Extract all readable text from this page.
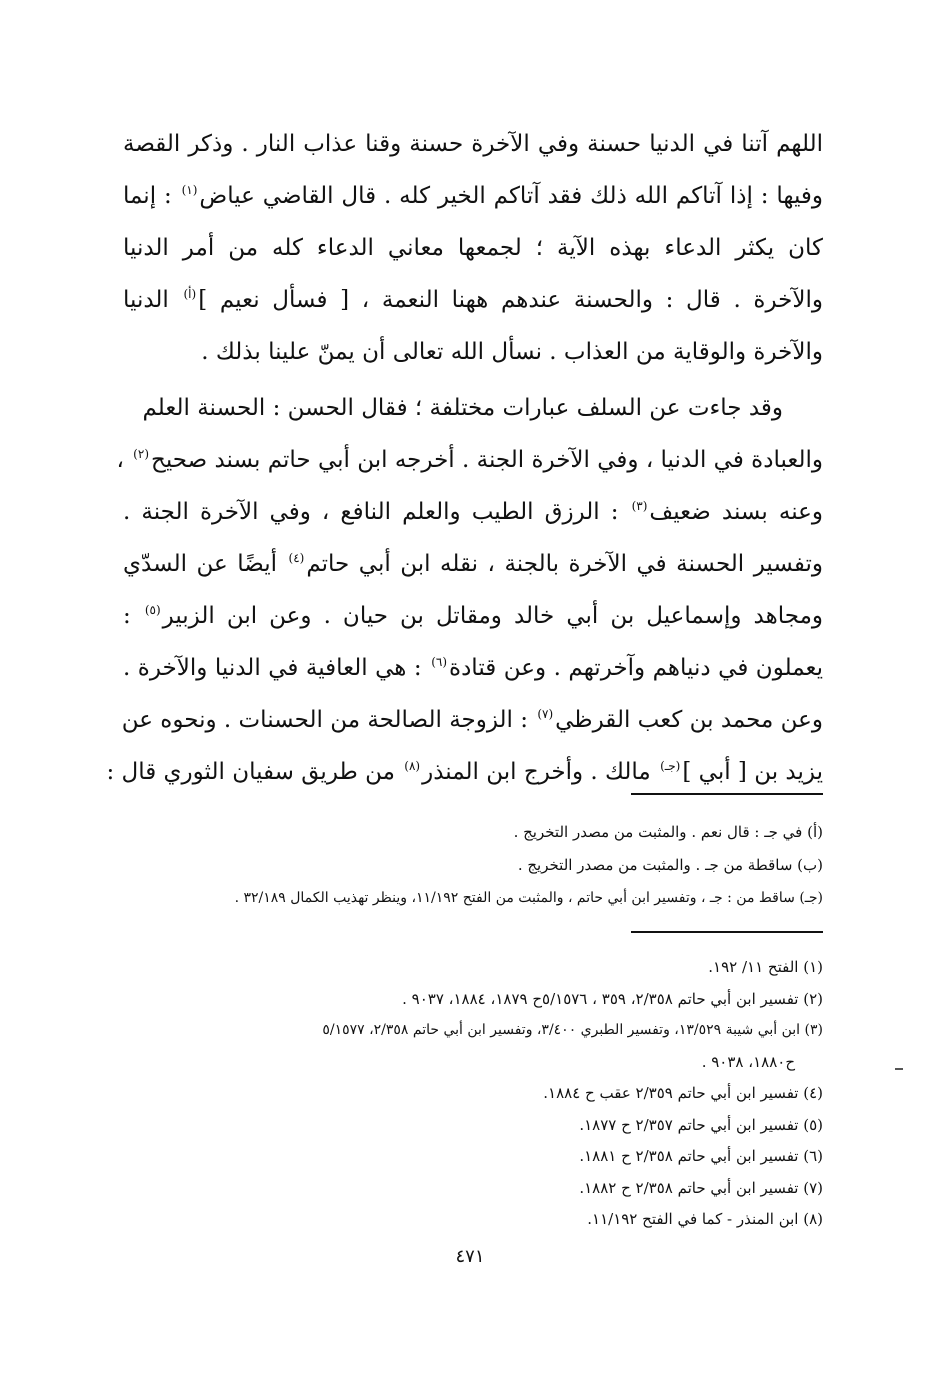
اللهم آتنا في الدنيا حسنة وفي الآخرة حسنة وقنا عذاب النار . وذكر القصة
وفيها : إذا آتاكم الله ذلك فقد آتاكم الخير كله . قال القاضي عياض$^{(١)}$ : إنما
كان يكثر الدعاء بهذه الآية ؛ لجمعها معاني الدعاء كله من أمر الدنيا
والآخرة . قال : والحسنة عندهم ههنا النعمة ، [ فسأل نعيم ]$^{(أ)}$ الدنيا
والآخرة والوقاية من العذاب . نسأل الله تعالى أن يمنّ علينا بذلك .
وقد جاءت عن السلف عبارات مختلفة ؛ فقال الحسن : الحسنة العلم
والعبادة في الدنيا ، وفي الآخرة الجنة . أخرجه ابن أبي حاتم بسند صحيح$^{(٢)}$ ،
وعنه بسند ضعيف$^{(٣)}$ : الرزق الطيب والعلم النافع ، وفي الآخرة الجنة .
وتفسير الحسنة في الآخرة بالجنة ، نقله ابن أبي حاتم$^{(٤)}$ أيضًا عن السدّي
ومجاهد وإسماعيل بن أبي خالد ومقاتل بن حيان . وعن ابن الزبير$^{(٥)}$ :
يعملون في دنياهم وآخرتهم . وعن قتادة$^{(٦)}$ : هي العافية في الدنيا والآخرة .
وعن محمد بن كعب القرظي$^{(٧)}$ : الزوجة الصالحة من الحسنات . ونحوه عن
يزيد بن [ أبي ]$^{(جـ)}$ مالك . وأخرج ابن المنذر$^{(٨)}$ من طريق سفيان الثوري قال :
(أ) في جـ : قال نعم . والمثبت من مصدر التخريج .
(ب) ساقطة من جـ . والمثبت من مصدر التخريج .
(جـ) ساقط من : جـ ، وتفسير ابن أبي حاتم ، والمثبت من الفتح ١١/١٩٢، وينظر تهذيب الكمال ٣٢/١٨٩ .
(١) الفتح ١١/ ١٩٢.
(٢) تفسير ابن أبي حاتم ٢/٣٥٨، ٣٥٩ ، ٥/١٥٧٦ح ١٨٧٩، ١٨٨٤، ٩٠٣٧ .
(٣) ابن أبي شيبة ١٣/٥٢٩، وتفسير الطبري ٣/٤٠٠، وتفسير ابن أبي حاتم ٢/٣٥٨، ٥/١٥٧٧
ح١٨٨٠، ٩٠٣٨ .
(٤) تفسير ابن أبي حاتم ٢/٣٥٩ عقب ح ١٨٨٤.
(٥) تفسير ابن أبي حاتم ٢/٣٥٧ ح ١٨٧٧.
(٦) تفسير ابن أبي حاتم ٢/٣٥٨ ح ١٨٨١.
(٧) تفسير ابن أبي حاتم ٢/٣٥٨ ح ١٨٨٢.
(٨) ابن المنذر - كما في الفتح ١١/١٩٢.
٤٧١
